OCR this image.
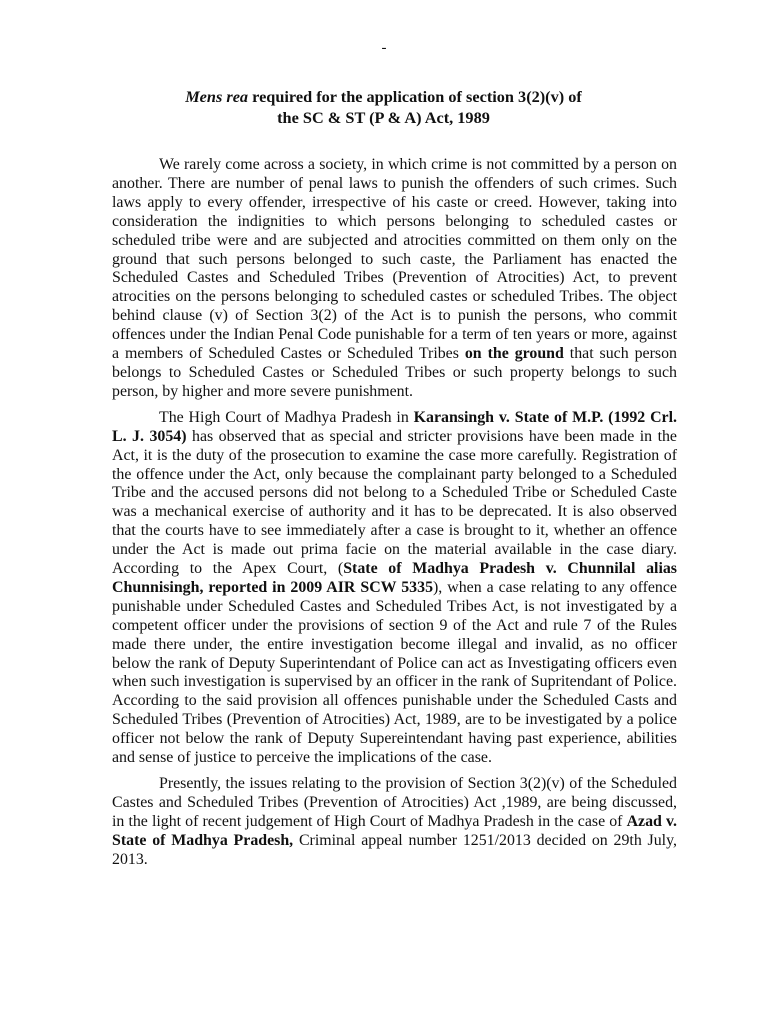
-
Mens rea required for the application of section 3(2)(v) of
the SC & ST (P & A) Act, 1989

We rarely come across a society, in which crime is not committed by a person on another. There are number of penal laws to punish the offenders of such crimes. Such laws apply to every offender, irrespective of his caste or creed. However, taking into consideration the indignities to which persons belonging to scheduled castes or scheduled tribe were and are subjected and atrocities committed on them only on the ground that such persons belonged to such caste, the Parliament has enacted the Scheduled Castes and Scheduled Tribes (Prevention of Atrocities) Act, to prevent atrocities on the persons belonging to scheduled castes or scheduled Tribes. The object behind clause (v) of Section 3(2) of the Act is to punish the persons, who commit offences under the Indian Penal Code punishable for a term of ten years or more, against a members of Scheduled Castes or Scheduled Tribes on the ground that such person belongs to Scheduled Castes or Scheduled Tribes or such property belongs to such person, by higher and more severe punishment.

The High Court of Madhya Pradesh in Karansingh v. State of M.P. (1992 Crl. L. J. 3054) has observed that as special and stricter provisions have been made in the Act, it is the duty of the prosecution to examine the case more carefully. Registration of the offence under the Act, only because the complainant party belonged to a Scheduled Tribe and the accused persons did not belong to a Scheduled Tribe or Scheduled Caste was a mechanical exercise of authority and it has to be deprecated. It is also observed that the courts have to see immediately after a case is brought to it, whether an offence under the Act is made out prima facie on the material available in the case diary. According to the Apex Court, (State of Madhya Pradesh v. Chunnilal alias Chunnisingh, reported in 2009 AIR SCW 5335), when a case relating to any offence punishable under Scheduled Castes and Scheduled Tribes Act, is not investigated by a competent officer under the provisions of section 9 of the Act and rule 7 of the Rules made there under, the entire investigation become illegal and invalid, as no officer below the rank of Deputy Superintendant of Police can act as Investigating officers even when such investigation is supervised by an officer in the rank of Supritendant of Police. According to the said provision all offences punishable under the Scheduled Casts and Scheduled Tribes (Prevention of Atrocities) Act, 1989, are to be investigated by a police officer not below the rank of Deputy Supereintendant having past experience, abilities and sense of justice to perceive the implications of the case.

Presently, the issues relating to the provision of Section 3(2)(v) of the Scheduled Castes and Scheduled Tribes (Prevention of Atrocities) Act ,1989, are being discussed, in the light of recent judgement of High Court of Madhya Pradesh in the case of Azad v. State of Madhya Pradesh, Criminal appeal number 1251/2013 decided on 29th July, 2013.
